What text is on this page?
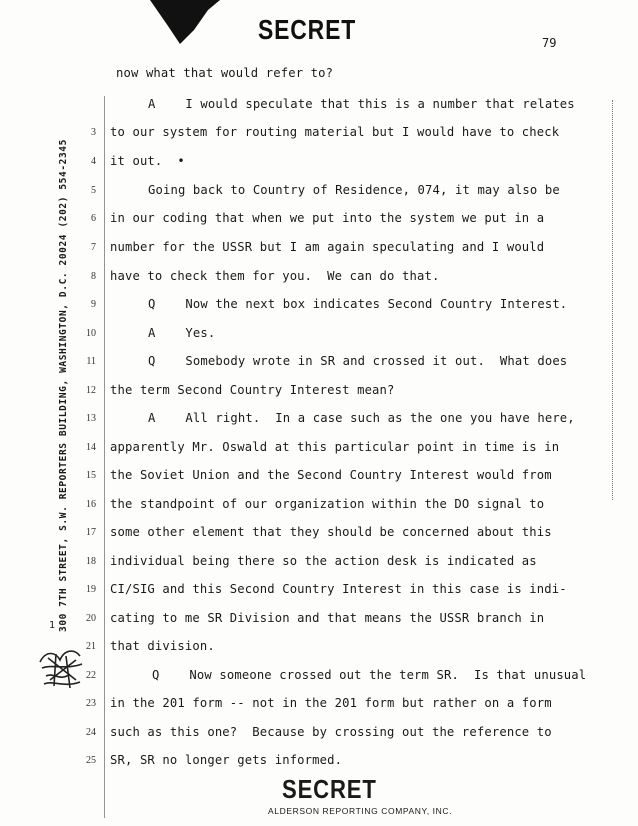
SECRET	79
1 300 7TH STREET, S.W. REPORTERS BUILDING, WASHINGTON, D.C. 20024 (202) 554-2345
3
4
5
6
7
8
9
10
11
12
13
14
15
16
17
18
19
20
21
22
23
24
25
now what that would refer to?
A    I would speculate that this is a number that relates
to our system for routing material but I would have to check
it out.  •
Going back to Country of Residence, 074, it may also be
in our coding that when we put into the system we put in a
number for the USSR but I am again speculating and I would
have to check them for you.  We can do that.
Q    Now the next box indicates Second Country Interest.
A    Yes.
Q    Somebody wrote in SR and crossed it out.  What does
the term Second Country Interest mean?
A    All right.  In a case such as the one you have here,
apparently Mr. Oswald at this particular point in time is in
the Soviet Union and the Second Country Interest would from
the standpoint of our organization within the DO signal to
some other element that they should be concerned about this
individual being there so the action desk is indicated as
CI/SIG and this Second Country Interest in this case is indi-
cating to me SR Division and that means the USSR branch in
that division.
Q    Now someone crossed out the term SR.  Is that unusual
in the 201 form -- not in the 201 form but rather on a form
such as this one?  Because by crossing out the reference to
SR, SR no longer gets informed.
SECRET
ALDERSON REPORTING COMPANY, INC.
